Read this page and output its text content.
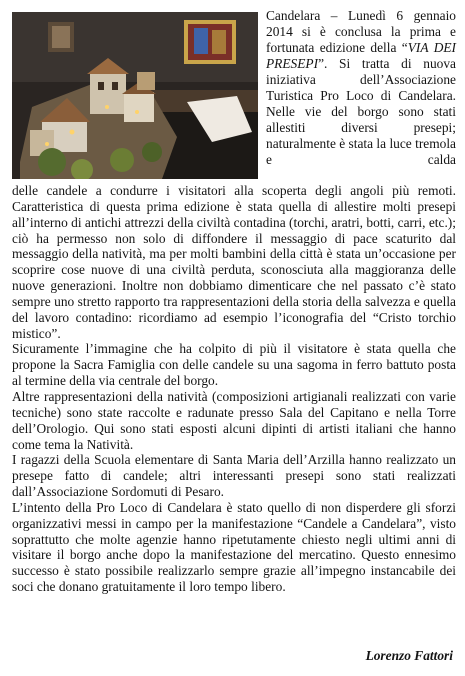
Candelara – Lunedì 6 gennaio 2014 si è conclusa la prima e fortunata edizione della “VIA DEI PRESEPI”. Si tratta di nuova iniziativa dell’Associazione Turistica Pro Loco di Candelara. Nelle vie del borgo sono stati allestiti diversi presepi; naturalmente è stata la luce tremola e calda

delle candele a condurre i visitatori alla scoperta degli angoli più remoti. Caratteristica di questa prima edizione è stata quella di allestire molti presepi all’interno di antichi attrezzi della civiltà contadina (torchi, aratri, botti, carri, etc.); ciò ha permesso non solo di diffondere il messaggio di pace scaturito dal messaggio della natività, ma per molti bambini della città è stata un’occasione per scoprire cose nuove di una civiltà perduta, sconosciuta alla maggioranza delle nuove generazioni. Inoltre non dobbiamo dimenticare che nel passato c’è stato sempre uno stretto rapporto tra rappresentazioni della storia della salvezza e quella del lavoro contadino: ricordiamo ad esempio l’iconografia del “Cristo torchio mistico”.

Sicuramente l’immagine che ha colpito di più il visitatore è stata quella che propone la Sacra Famiglia con delle candele su una sagoma in ferro battuto posta al termine della via centrale del borgo.

Altre rappresentazioni della natività (composizioni artigianali realizzati con varie tecniche) sono state raccolte e radunate presso Sala del Capitano e nella Torre dell’Orologio. Qui sono stati esposti alcuni dipinti di artisti italiani che hanno come tema la Natività.

I ragazzi della Scuola elementare di Santa Maria dell’Arzilla hanno realizzato un presepe fatto di candele; altri interessanti presepi sono stati realizzati dall’Associazione Sordomuti di Pesaro.

L’intento della Pro Loco di Candelara è stato quello di non disperdere gli sforzi organizzativi messi in campo per la manifestazione “Candele a Candelara”, visto soprattutto che molte agenzie hanno ripetutamente chiesto negli ultimi anni di visitare il borgo anche dopo la manifestazione del mercatino. Questo ennesimo successo è stato possibile realizzarlo sempre grazie all’impegno instancabile dei soci che donano gratuitamente il loro tempo libero.

Lorenzo Fattori
